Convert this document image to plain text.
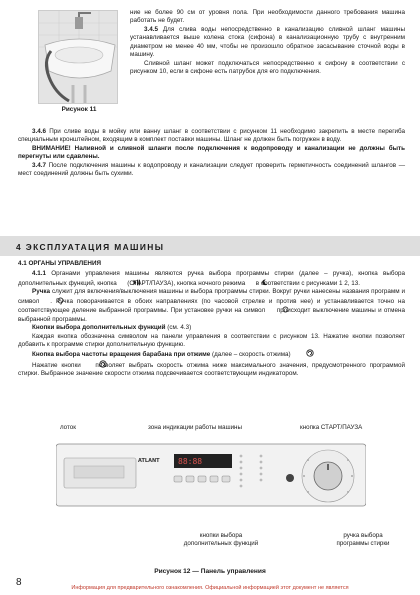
Рисунок 11

ние не более 90 см от уровня пола. При необходимости данного требования машина работать не будет.

3.4.5 Для слива воды непосредственно в канализацию сливной шланг машины устанавливается выше колена стока (сифона) в канализационную трубу с внутренним диаметром не менее 40 мм, чтобы не произошло обратное засасывание сточной воды в машину.

Сливной шланг может подключаться непосредственно к сифону в соответствии с рисунком 10, если в сифоне есть патрубок для его подключения.

3.4.6 При сливе воды в мойку или ванну шланг в соответствии с рисунком 11 необходимо закрепить в месте перегиба специальным кронштейном, входящим в комплект поставки машины. Шланг не должен быть погружен в воду.

ВНИМАНИЕ! Наливной и сливной шланги после подключения к водопроводу и канализации не должны быть перегнуты или сдавлены.

3.4.7 После подключения машины к водопроводу и канализации следует проверить герметичность соединений шлангов — мест соединений должны быть сухими.

4 ЭКСПЛУАТАЦИЯ МАШИНЫ

4.1 ОРГАНЫ УПРАВЛЕНИЯ

4.1.1 Органами управления машины являются ручка выбора программы стирки (далее – ручка), кнопка выбора дополнительных функций, кнопка  (СТАРТ/ПАУЗА), кнопка ночного режима  в соответствии с рисунками 1 2, 13.

Ручка служит для включения/выключения машины и выбора программы стирки. Вокруг ручки нанесены названия программ и символ . Ручка поворачивается в обоих направлениях (по часовой стрелке и против нее) и устанавливается точно на соответствующее деление выбранной программы. При установке ручки на символ  происходит выключение машины и отмена выбранной программы.

Кнопки выбора дополнительных функций (см. 4.3)

Каждая кнопка обозначена символом на панели управления в соответствии с рисунком 13. Нажатие кнопки позволяет добавить к программе стирки дополнительную функцию.

Кнопка выбора частоты вращения барабана при отжиме (далее – скорость отжима)

Нажатие кнопки  позволяет выбрать скорость отжима ниже максимального значения, предусмотренного программой стирки. Выбранное значение скорости отжима подсвечивается соответствующим индикатором.

лоток	зона индикации работы машины	кнопка СТАРТ/ПАУЗА
ATLANT 88:88
кнопки выбора
дополнительных функций
ручка выбора
программы стирки
Рисунок 12 — Панель управления
8	Информация для предварительного ознакомления. Официальной информацией этот документ не является
